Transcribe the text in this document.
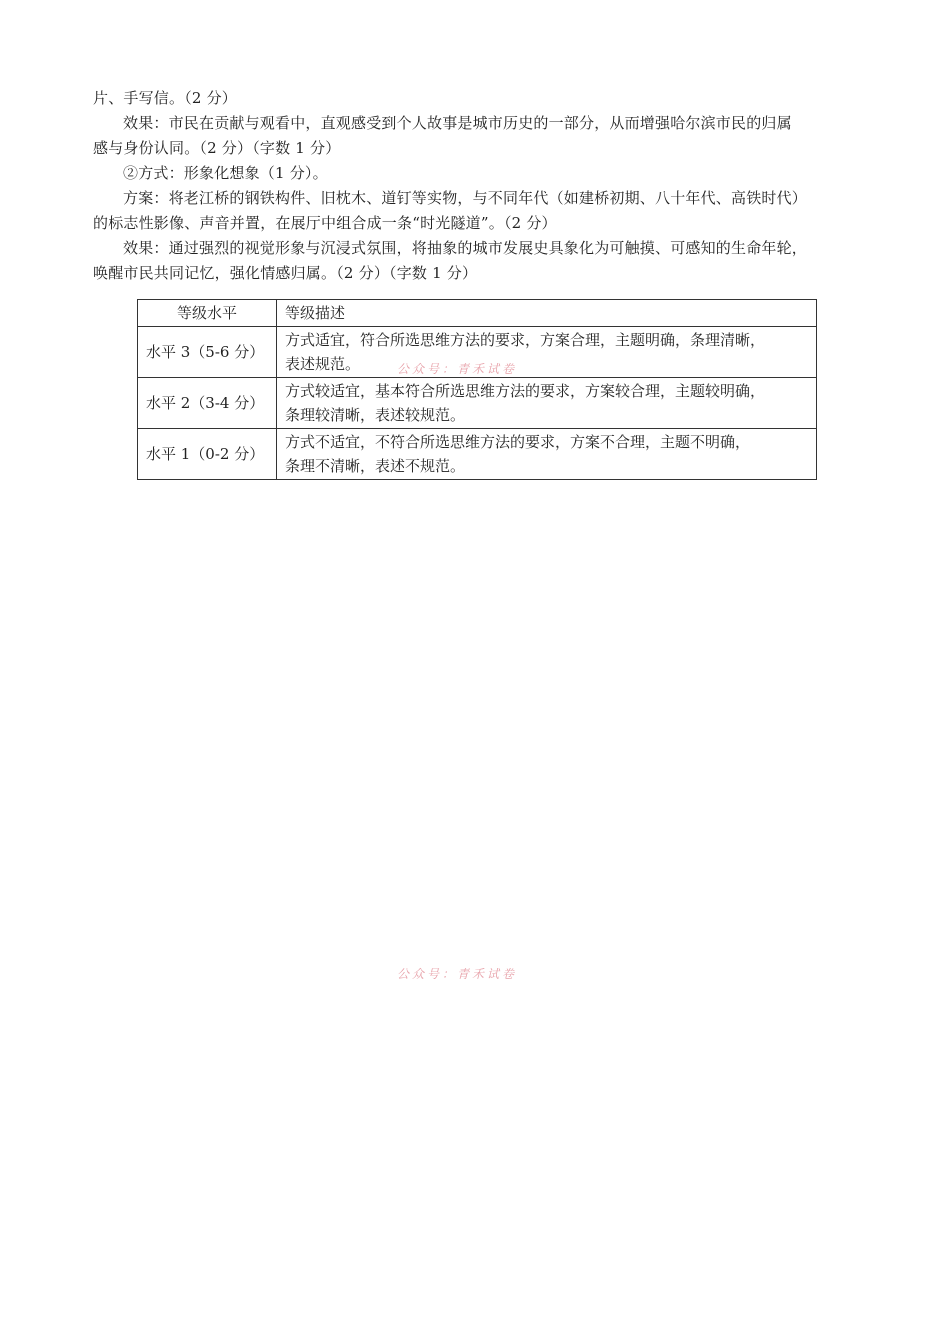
片、手写信。（2 分）
效果：市民在贡献与观看中，直观感受到个人故事是城市历史的一部分，从而增强哈尔滨市民的归属
感与身份认同。（2 分）（字数 1 分）
②方式：形象化想象（1 分）。
方案：将老江桥的钢铁构件、旧枕木、道钉等实物，与不同年代（如建桥初期、八十年代、高铁时代）
的标志性影像、声音并置，在展厅中组合成一条“时光隧道”。（2 分）
效果：通过强烈的视觉形象与沉浸式氛围，将抽象的城市发展史具象化为可触摸、可感知的生命年轮，
唤醒市民共同记忆，强化情感归属。（2 分）（字数 1 分）
等级水平	等级描述
水平 3（5-6 分）	方式适宜，符合所选思维方法的要求，方案合理，主题明确，条理清晰，
表述规范。

水平 2（3-4 分）	方式较适宜，基本符合所选思维方法的要求，方案较合理，主题较明确，
条理较清晰，表述较规范。

水平 1（0-2 分）	方式不适宜，不符合所选思维方法的要求，方案不合理，主题不明确，
条理不清晰，表述不规范。
公众号：青禾试卷
公众号：青禾试卷
